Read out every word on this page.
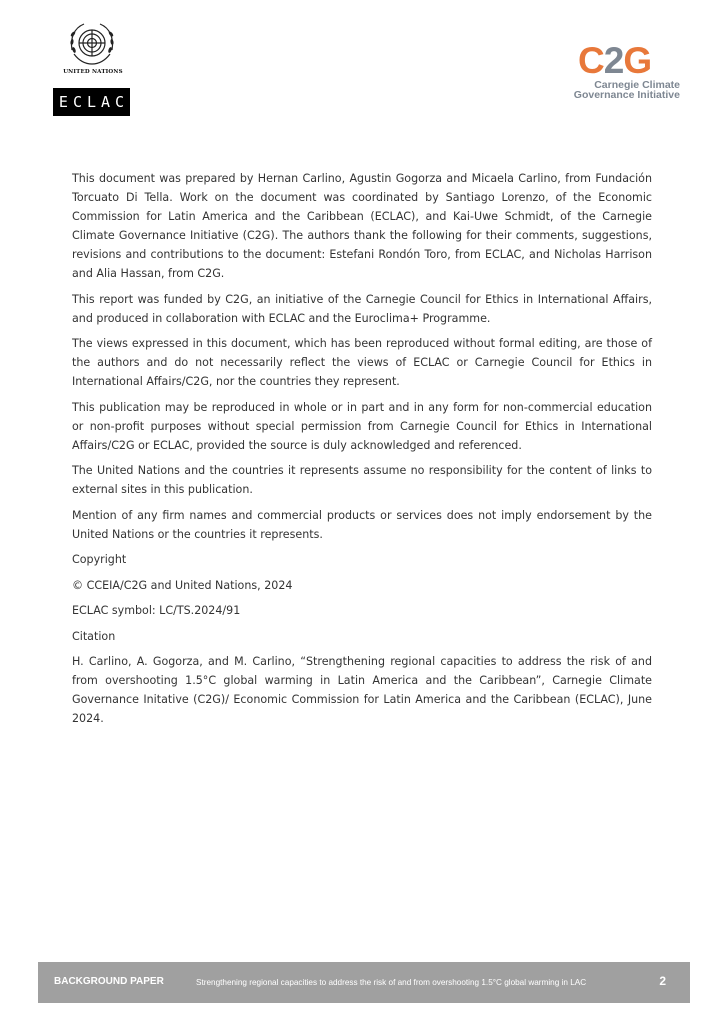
UNITED NATIONS
ECLAC
C2G
Carnegie Climate
Governance Initiative

This document was prepared by Hernan Carlino, Agustin Gogorza and Micaela Carlino, from Fundación Torcuato Di Tella. Work on the document was coordinated by Santiago Lorenzo, of the Economic Commission for Latin America and the Caribbean (ECLAC), and Kai-Uwe Schmidt, of the Carnegie Climate Governance Initiative (C2G). The authors thank the following for their comments, suggestions, revisions and contributions to the document: Estefani Rondón Toro, from ECLAC, and Nicholas Harrison and Alia Hassan, from C2G.

This report was funded by C2G, an initiative of the Carnegie Council for Ethics in International Affairs, and produced in collaboration with ECLAC and the Euroclima+ Programme.

The views expressed in this document, which has been reproduced without formal editing, are those of the authors and do not necessarily reflect the views of ECLAC or Carnegie Council for Ethics in International Affairs/C2G, nor the countries they represent.

This publication may be reproduced in whole or in part and in any form for non-commercial education or non-profit purposes without special permission from Carnegie Council for Ethics in International Affairs/C2G or ECLAC, provided the source is duly acknowledged and referenced.

The United Nations and the countries it represents assume no responsibility for the content of links to external sites in this publication.

Mention of any firm names and commercial products or services does not imply endorsement by the United Nations or the countries it represents.

Copyright

© CCEIA/C2G and United Nations, 2024

ECLAC symbol: LC/TS.2024/91

Citation

H. Carlino, A. Gogorza, and M. Carlino, “Strengthening regional capacities to address the risk of and from overshooting 1.5°C global warming in Latin America and the Caribbean”, Carnegie Climate Governance Initative (C2G)/ Economic Commission for Latin America and the Caribbean (ECLAC), June 2024.

BACKGROUND PAPER	Strengthening regional capacities to address the risk of and from overshooting 1.5°C global warming in LAC	2
